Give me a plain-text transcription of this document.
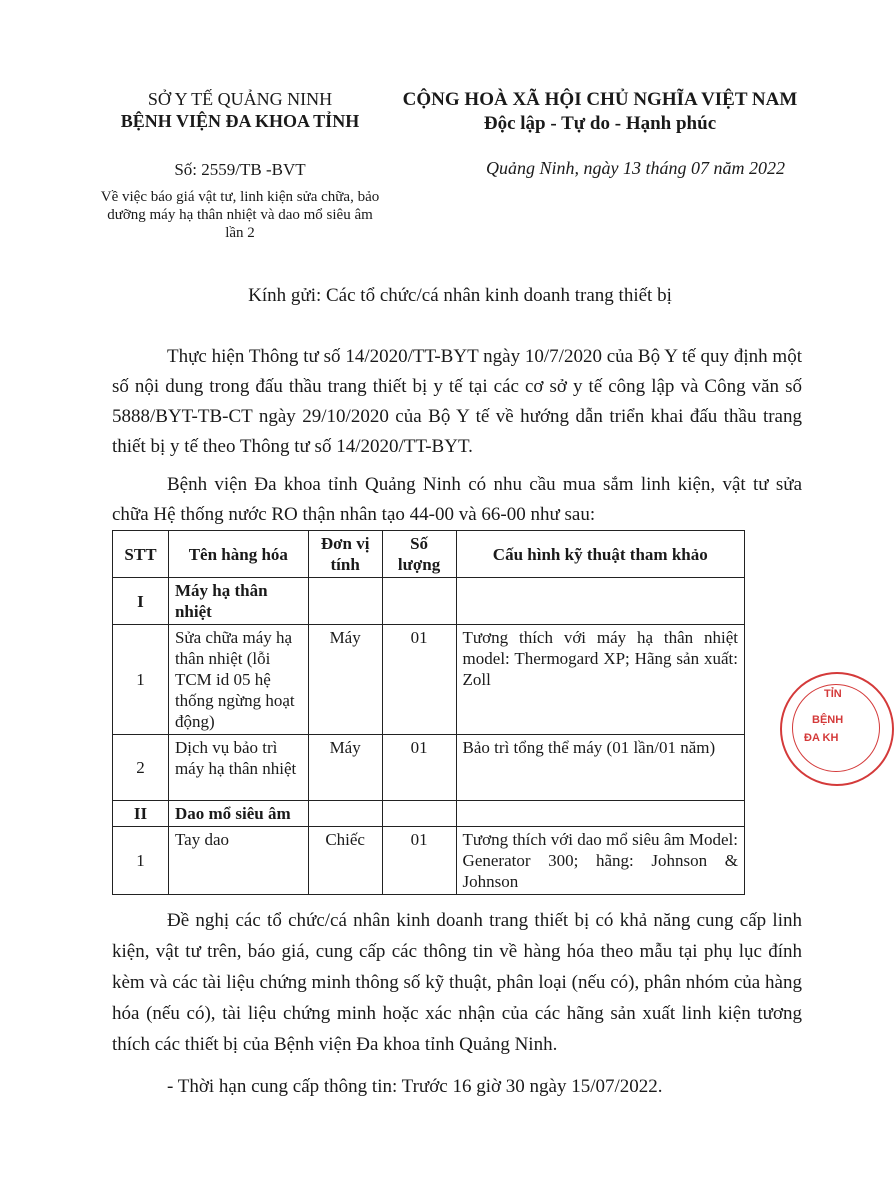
SỞ Y TẾ QUẢNG NINH
BỆNH VIỆN ĐA KHOA TỈNH
CỘNG HOÀ XÃ HỘI CHỦ NGHĨA VIỆT NAM
Độc lập - Tự do - Hạnh phúc
Số: 2559/TB -BVT
Về việc báo giá vật tư, linh kiện sửa chữa, bảo dưỡng máy hạ thân nhiệt và dao mổ siêu âm lần 2
Quảng Ninh, ngày 13 tháng 07 năm 2022
Kính gửi: Các tổ chức/cá nhân kinh doanh trang thiết bị

Thực hiện Thông tư số 14/2020/TT-BYT ngày 10/7/2020 của Bộ Y tế quy định một số nội dung trong đấu thầu trang thiết bị y tế tại các cơ sở y tế công lập và Công văn số 5888/BYT-TB-CT ngày 29/10/2020 của Bộ Y tế về hướng dẫn triển khai đấu thầu trang thiết bị y tế theo Thông tư số 14/2020/TT-BYT.

Bệnh viện Đa khoa tỉnh Quảng Ninh có nhu cầu mua sắm linh kiện, vật tư sửa chữa Hệ thống nước RO thận nhân tạo 44-00 và 66-00 như sau:

STT	Tên hàng hóa	Đơn vị tính	Số lượng	Cấu hình kỹ thuật tham khảo
I	Máy hạ thân nhiệt			
1	Sửa chữa máy hạ thân nhiệt (lỗi TCM id 05 hệ thống ngừng hoạt động)	Máy	01	Tương thích với máy hạ thân nhiệt model: Thermogard XP; Hãng sản xuất: Zoll
2	Dịch vụ bảo trì máy hạ thân nhiệt	Máy	01	Bảo trì tổng thể máy (01 lần/01 năm)
II	Dao mổ siêu âm			
1	Tay dao	Chiếc	01	Tương thích với dao mổ siêu âm Model: Generator 300; hãng: Johnson & Johnson

Đề nghị các tổ chức/cá nhân kinh doanh trang thiết bị có khả năng cung cấp linh kiện, vật tư trên, báo giá, cung cấp các thông tin về hàng hóa theo mẫu tại phụ lục đính kèm và các tài liệu chứng minh thông số kỹ thuật, phân loại (nếu có), phân nhóm của hàng hóa (nếu có), tài liệu chứng minh hoặc xác nhận của các hãng sản xuất linh kiện tương thích các thiết bị của Bệnh viện Đa khoa tỉnh Quảng Ninh.

- Thời hạn cung cấp thông tin: Trước 16 giờ 30 ngày 15/07/2022.

TỈN
BỆNH
ĐA KH
